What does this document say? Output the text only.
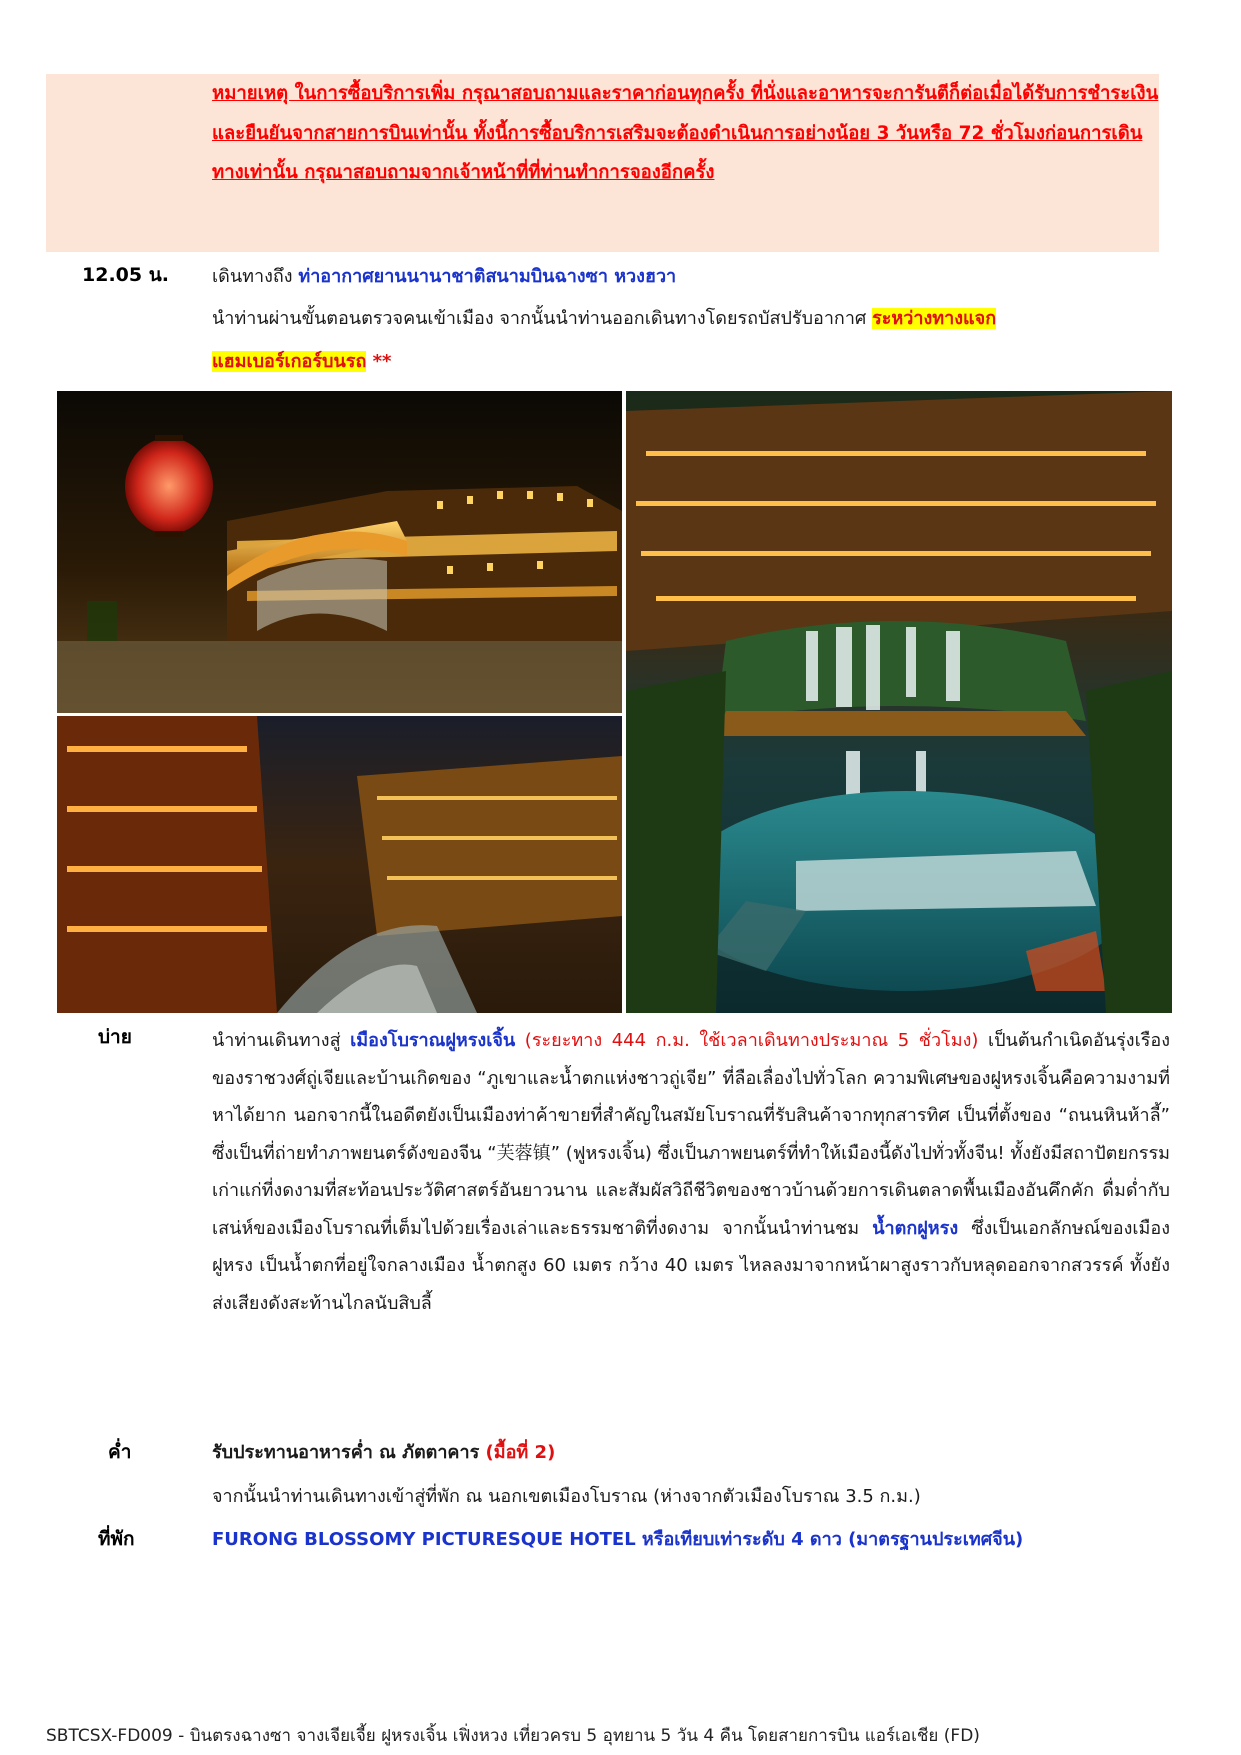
หมายเหตุ ในการซื้อบริการเพิ่ม กรุณาสอบถามและราคาก่อนทุกครั้ง ที่นั่งและอาหารจะการันตีก็ต่อเมื่อได้รับการชำระเงินและยืนยันจากสายการบินเท่านั้น ทั้งนี้การซื้อบริการเสริมจะต้องดำเนินการอย่างน้อย 3 วันหรือ 72 ชั่วโมงก่อนการเดินทางเท่านั้น กรุณาสอบถามจากเจ้าหน้าที่ที่ท่านทำการจองอีกครั้ง
12.05 น. เดินทางถึง ท่าอากาศยานนานาชาติสนามบินฉางซา หวงฮวา
นำท่านผ่านขั้นตอนตรวจคนเข้าเมือง จากนั้นนำท่านออกเดินทางโดยรถบัสปรับอากาศ ระหว่างทางแจก
แฮมเบอร์เกอร์บนรถ **
บ่าย	นำท่านเดินทางสู่ เมืองโบราณฝูหรงเจิ้น (ระยะทาง 444 ก.ม. ใช้เวลาเดินทางประมาณ 5 ชั่วโมง) เป็นต้นกำเนิดอันรุ่งเรืองของราชวงศ์ถู่เจียและบ้านเกิดของ “ภูเขาและน้ำตกแห่งชาวถู่เจีย” ที่ลือเลื่องไปทั่วโลก ความพิเศษของฝูหรงเจิ้นคือความงามที่หาได้ยาก นอกจากนี้ในอดีตยังเป็นเมืองท่าค้าขายที่สำคัญในสมัยโบราณที่รับสินค้าจากทุกสารทิศ เป็นที่ตั้งของ “ถนนหินห้าลี้” ซึ่งเป็นที่ถ่ายทำภาพยนตร์ดังของจีน “芙蓉镇” (ฟูหรงเจิ้น) ซึ่งเป็นภาพยนตร์ที่ทำให้เมืองนี้ดังไปทั่วทั้งจีน! ทั้งยังมีสถาปัตยกรรมเก่าแก่ที่งดงามที่สะท้อนประวัติศาสตร์อันยาวนาน และสัมผัสวิถีชีวิตของชาวบ้านด้วยการเดินตลาดพื้นเมืองอันคึกคัก ดื่มด่ำกับเสน่ห์ของเมืองโบราณที่เต็มไปด้วยเรื่องเล่าและธรรมชาติที่งดงาม จากนั้นนำท่านชม น้ำตกฝูหรง ซึ่งเป็นเอกลักษณ์ของเมืองฝูหรง เป็นน้ำตกที่อยู่ใจกลางเมือง น้ำตกสูง 60 เมตร กว้าง 40 เมตร ไหลลงมาจากหน้าผาสูงราวกับหลุดออกจากสวรรค์ ทั้งยังส่งเสียงดังสะท้านไกลนับสิบลี้
ค่ำ	รับประทานอาหารค่ำ ณ ภัตตาคาร (มื้อที่ 2)
จากนั้นนำท่านเดินทางเข้าสู่ที่พัก ณ นอกเขตเมืองโบราณ (ห่างจากตัวเมืองโบราณ 3.5 ก.ม.)
ที่พัก	FURONG BLOSSOMY PICTURESQUE HOTEL หรือเทียบเท่าระดับ 4 ดาว (มาตรฐานประเทศจีน)
SBTCSX-FD009 - บินตรงฉางซา จางเจียเจี้ย ฝูหรงเจิ้น เฟิ่งหวง เที่ยวครบ 5 อุทยาน 5 วัน 4 คืน โดยสายการบิน แอร์เอเชีย (FD)
